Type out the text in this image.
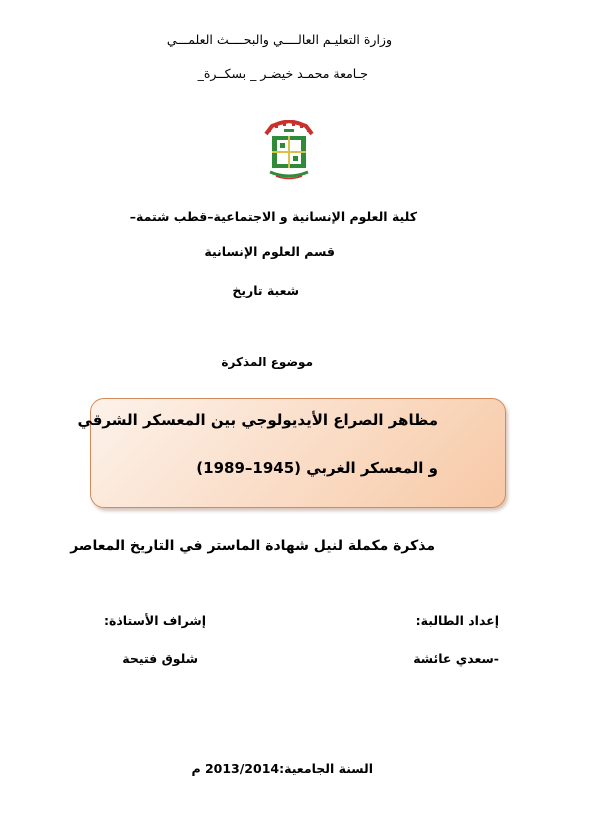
وزارة التعليـم العالــــي والبحــــث العلمـــي
جـامعة محمـد خيضـر _ بسكــرة_
كلية العلوم الإنسانية و الاجتماعية–قطب شتمة–
قسم العلوم الإنسانية
شعبة تاريخ
موضوع المذكرة
مظاهر الصراع الأيديولوجي بين المعسكر الشرقي
و المعسكر الغربي (1945–1989)
مذكرة مكملة لنيل شهادة الماستر في التاريخ المعاصر
إعداد الطالبة:
إشراف الأستاذة:
-سعدي عائشة
شلوق فتيحة
السنة الجامعية:2013/2014 م
